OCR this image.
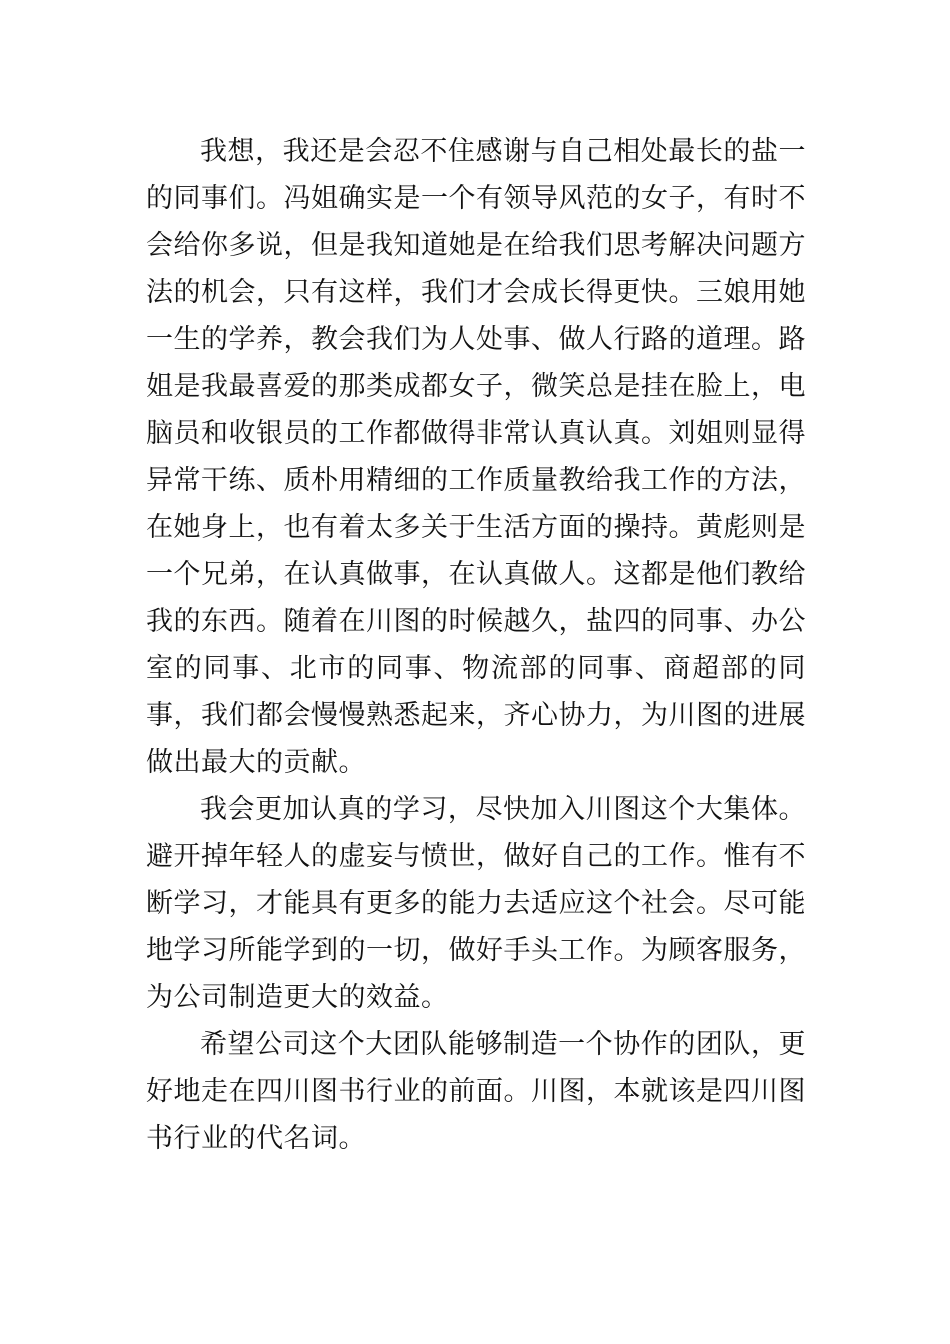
我想，我还是会忍不住感谢与自己相处最长的盐一的同事们。冯姐确实是一个有领导风范的女子，有时不会给你多说，但是我知道她是在给我们思考解决问题方法的机会，只有这样，我们才会成长得更快。三娘用她一生的学养，教会我们为人处事、做人行路的道理。路姐是我最喜爱的那类成都女子，微笑总是挂在脸上，电脑员和收银员的工作都做得非常认真认真。刘姐则显得异常干练、质朴用精细的工作质量教给我工作的方法，在她身上，也有着太多关于生活方面的操持。黄彪则是一个兄弟，在认真做事，在认真做人。这都是他们教给我的东西。随着在川图的时候越久，盐四的同事、办公室的同事、北市的同事、物流部的同事、商超部的同事，我们都会慢慢熟悉起来，齐心协力，为川图的进展做出最大的贡献。

我会更加认真的学习，尽快加入川图这个大集体。避开掉年轻人的虚妄与愤世，做好自己的工作。惟有不断学习，才能具有更多的能力去适应这个社会。尽可能地学习所能学到的一切，做好手头工作。为顾客服务，为公司制造更大的效益。

希望公司这个大团队能够制造一个协作的团队，更好地走在四川图书行业的前面。川图，本就该是四川图书行业的代名词。
